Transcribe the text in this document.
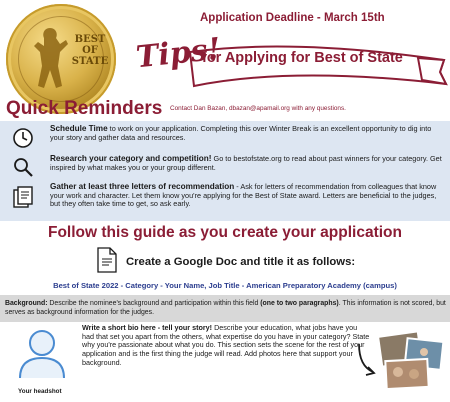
BEST
OF
STATE
Application Deadline - March 15th
Tips!
for Applying for Best of State
Quick Reminders Contact Dan Bazan, dbazan@apamail.org with any questions.
Schedule Time to work on your application. Completing this over Winter Break is an excellent opportunity to dig into your story and gather data and resources.
Research your category and competition! Go to bestofstate.org to read about past winners for your category. Get inspired by what makes you or your group different.
Gather at least three letters of recommendation - Ask for letters of recommendation from colleagues that know your work and character. Let them know you're applying for the Best of State award. Letters are beneficial to the judges, but they often take time to get, so ask early.
Follow this guide as you create your application
Create a Google Doc and title it as follows:
Best of State 2022 - Category - Your Name, Job Title - American Preparatory Academy (campus)
Background: Describe the nominee's background and participation within this field (one to two paragraphs). This information is not scored, but serves as background information for the judges.
Your headshot
Write a short bio here - tell your story! Describe your education, what jobs have you had that set you apart from the others, what expertise do you have in your category? State why you're passionate about what you do. This section sets the scene for the rest of your application and is the first thing the judge will read. Add photos here that support your background.
